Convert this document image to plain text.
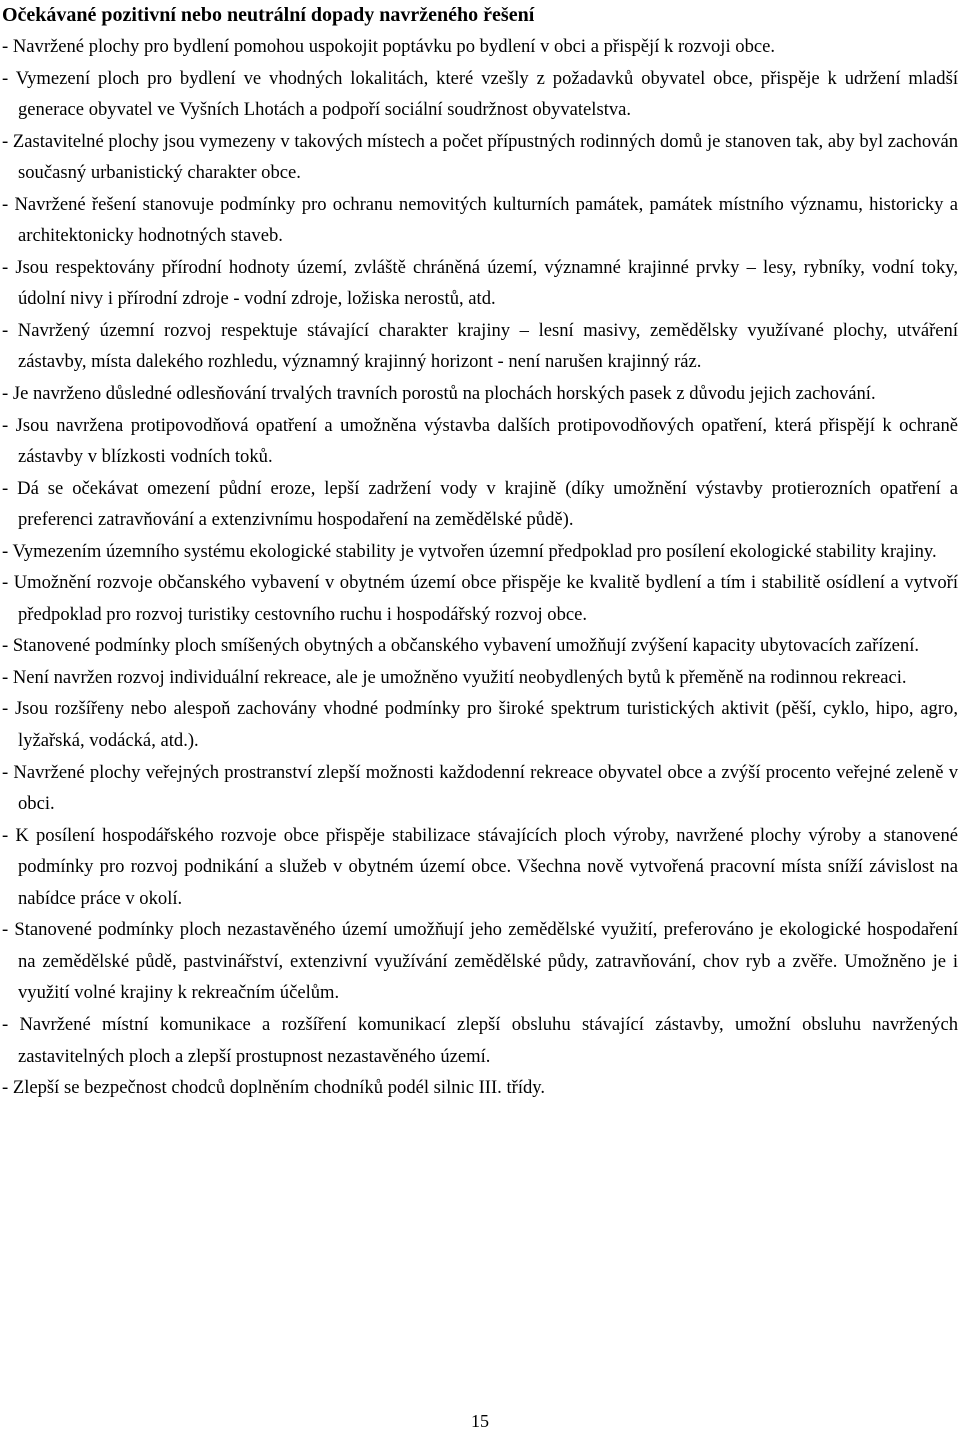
Očekávané pozitivní nebo neutrální dopady navrženého řešení

- Navržené plochy pro bydlení pomohou uspokojit poptávku po bydlení v obci a přispějí k rozvoji obce.

- Vymezení ploch pro bydlení ve vhodných lokalitách, které vzešly z požadavků obyvatel obce, přispěje k udržení mladší generace obyvatel ve Vyšních Lhotách a podpoří sociální soudržnost obyvatelstva.

- Zastavitelné plochy jsou vymezeny v takových místech a počet přípustných rodinných domů je stanoven tak, aby byl zachován současný urbanistický charakter obce.

- Navržené řešení stanovuje podmínky pro ochranu nemovitých kulturních památek, památek místního významu, historicky a architektonicky hodnotných staveb.

- Jsou respektovány přírodní hodnoty území, zvláště chráněná území, významné krajinné prvky – lesy, rybníky, vodní toky, údolní nivy i přírodní zdroje - vodní zdroje, ložiska nerostů, atd.

- Navržený územní rozvoj respektuje stávající charakter krajiny – lesní masivy, zemědělsky využívané plochy, utváření zástavby, místa dalekého rozhledu, významný krajinný horizont - není narušen krajinný ráz.

- Je navrženo důsledné odlesňování trvalých travních porostů na plochách horských pasek z důvodu jejich zachování.

- Jsou navržena protipovodňová opatření a umožněna výstavba dalších protipovodňových opatření, která přispějí k ochraně zástavby v blízkosti vodních toků.

- Dá se očekávat omezení půdní eroze, lepší zadržení vody v krajině (díky umožnění výstavby protierozních opatření a preferenci zatravňování a extenzivnímu hospodaření na zemědělské půdě).

- Vymezením územního systému ekologické stability je vytvořen územní předpoklad pro posílení ekologické stability krajiny.

- Umožnění rozvoje občanského vybavení v obytném území obce přispěje ke kvalitě bydlení a tím i stabilitě osídlení a vytvoří předpoklad pro rozvoj turistiky cestovního ruchu i hospodářský rozvoj obce.

- Stanovené podmínky ploch smíšených obytných a občanského vybavení umožňují zvýšení kapacity ubytovacích zařízení.

- Není navržen rozvoj individuální rekreace, ale je umožněno využití neobydlených bytů k přeměně na rodinnou rekreaci.

- Jsou rozšířeny nebo alespoň zachovány vhodné podmínky pro široké spektrum turistických aktivit (pěší, cyklo, hipo, agro, lyžařská, vodácká, atd.).

- Navržené plochy veřejných prostranství zlepší možnosti každodenní rekreace obyvatel obce a zvýší procento veřejné zeleně v obci.

- K posílení hospodářského rozvoje obce přispěje stabilizace stávajících ploch výroby, navržené plochy výroby a stanovené podmínky pro rozvoj podnikání a služeb v obytném území obce. Všechna nově vytvořená pracovní místa sníží závislost na nabídce práce v okolí.

- Stanovené podmínky ploch nezastavěného území umožňují jeho zemědělské využití, preferováno je ekologické hospodaření na zemědělské půdě, pastvinářství, extenzivní využívání zemědělské půdy, zatravňování, chov ryb a zvěře. Umožněno je i využití volné krajiny k rekreačním účelům.

- Navržené místní komunikace a rozšíření komunikací zlepší obsluhu stávající zástavby, umožní obsluhu navržených zastavitelných ploch a zlepší prostupnost nezastavěného území.

- Zlepší se bezpečnost chodců doplněním chodníků podél silnic III. třídy.

15
